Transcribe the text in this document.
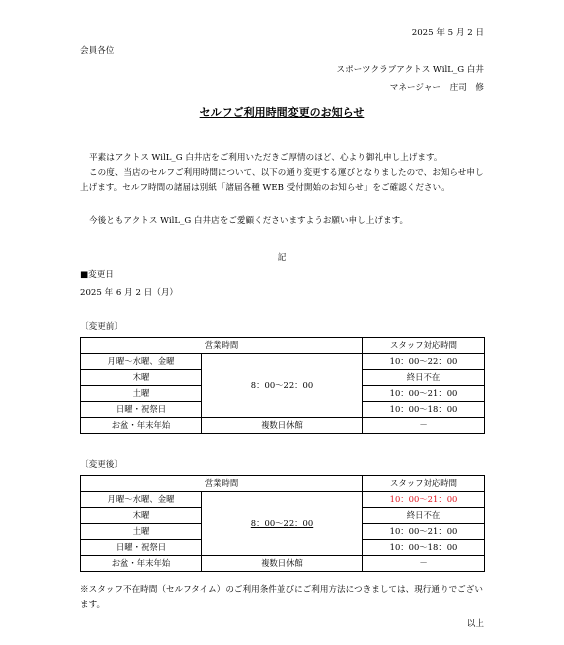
2025 年 5 月 2 日
会員各位
スポーツクラブアクトス WilL_G 白井
マネージャー　庄司　修
セルフご利用時間変更のお知らせ
平素はアクトス WilL_G 白井店をご利用いただきご厚情のほど、心より御礼申し上げます。
この度、当店のセルフご利用時間について、以下の通り変更する運びとなりましたので、お知らせ申し上げます。セルフ時間の諸届は別紙「諸届各種 WEB 受付開始のお知らせ」をご確認ください。
今後ともアクトス WilL_G 白井店をご愛顧くださいますようお願い申し上げます。
記
■変更日
2025 年 6 月 2 日（月）
〔変更前〕
営業時間		スタッフ対応時間
月曜～水曜、金曜	8：00～22：00	10：00～22：00
木曜		終日不在
土曜		10：00～21：00
日曜・祝祭日		10：00～18：00
お盆・年末年始	複数日休館	－
〔変更後〕
営業時間		スタッフ対応時間
月曜～水曜、金曜	8：00～22：00	10：00～21：00
木曜		終日不在
土曜		10：00～21：00
日曜・祝祭日		10：00～18：00
お盆・年末年始	複数日休館	－
※スタッフ不在時間（セルフタイム）のご利用条件並びにご利用方法につきましては、現行通りでございます。
以上
